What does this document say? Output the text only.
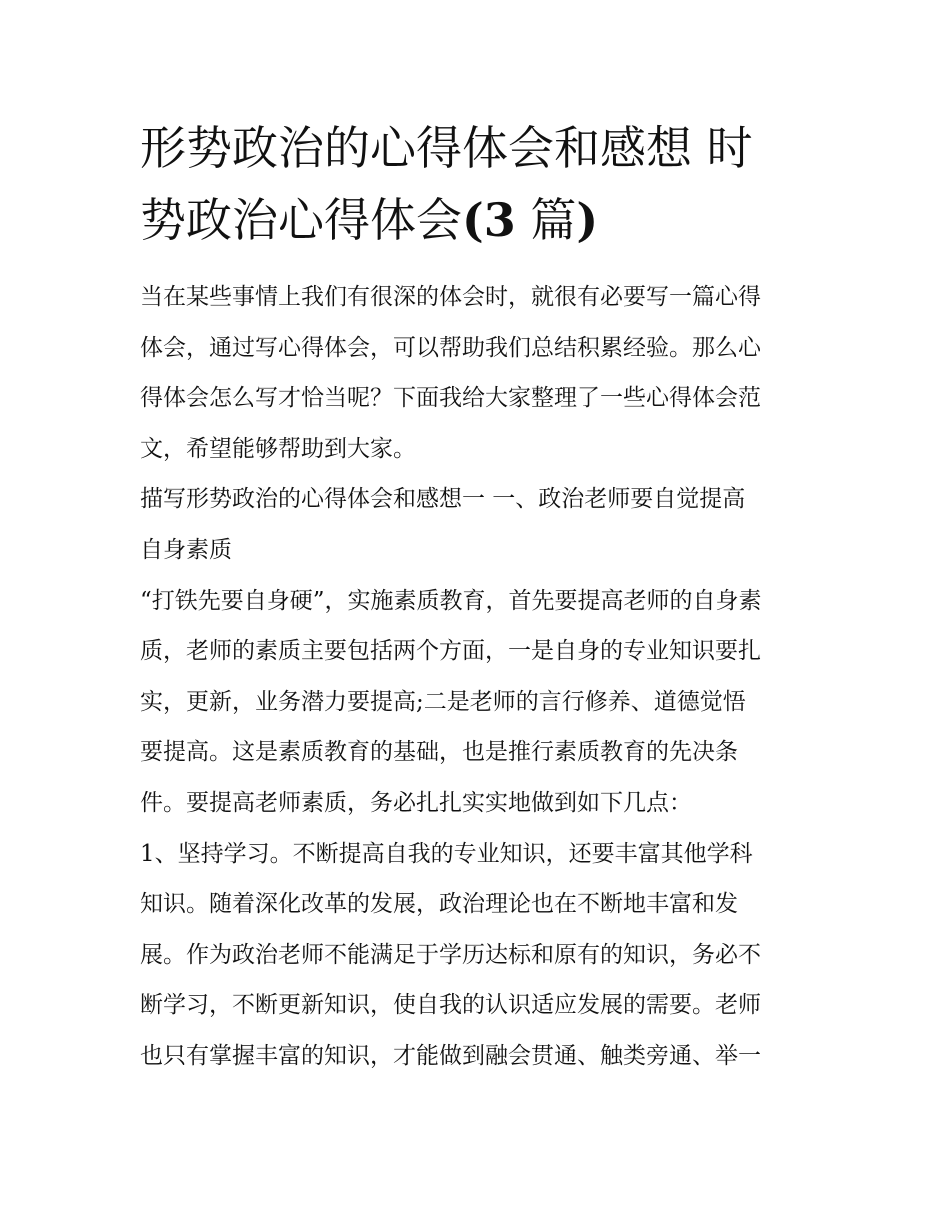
形势政治的心得体会和感想 时
势政治心得体会(3 篇)
当在某些事情上我们有很深的体会时，就很有必要写一篇心得
体会，通过写心得体会，可以帮助我们总结积累经验。那么心
得体会怎么写才恰当呢？下面我给大家整理了一些心得体会范
文，希望能够帮助到大家。
描写形势政治的心得体会和感想一 一、政治老师要自觉提高
自身素质
“打铁先要自身硬”，实施素质教育，首先要提高老师的自身素
质，老师的素质主要包括两个方面，一是自身的专业知识要扎
实，更新，业务潜力要提高;二是老师的言行修养、道德觉悟
要提高。这是素质教育的基础，也是推行素质教育的先决条
件。要提高老师素质，务必扎扎实实地做到如下几点：
1、坚持学习。不断提高自我的专业知识，还要丰富其他学科
知识。随着深化改革的发展，政治理论也在不断地丰富和发
展。作为政治老师不能满足于学历达标和原有的知识，务必不
断学习，不断更新知识，使自我的认识适应发展的需要。老师
也只有掌握丰富的知识，才能做到融会贯通、触类旁通、举一
